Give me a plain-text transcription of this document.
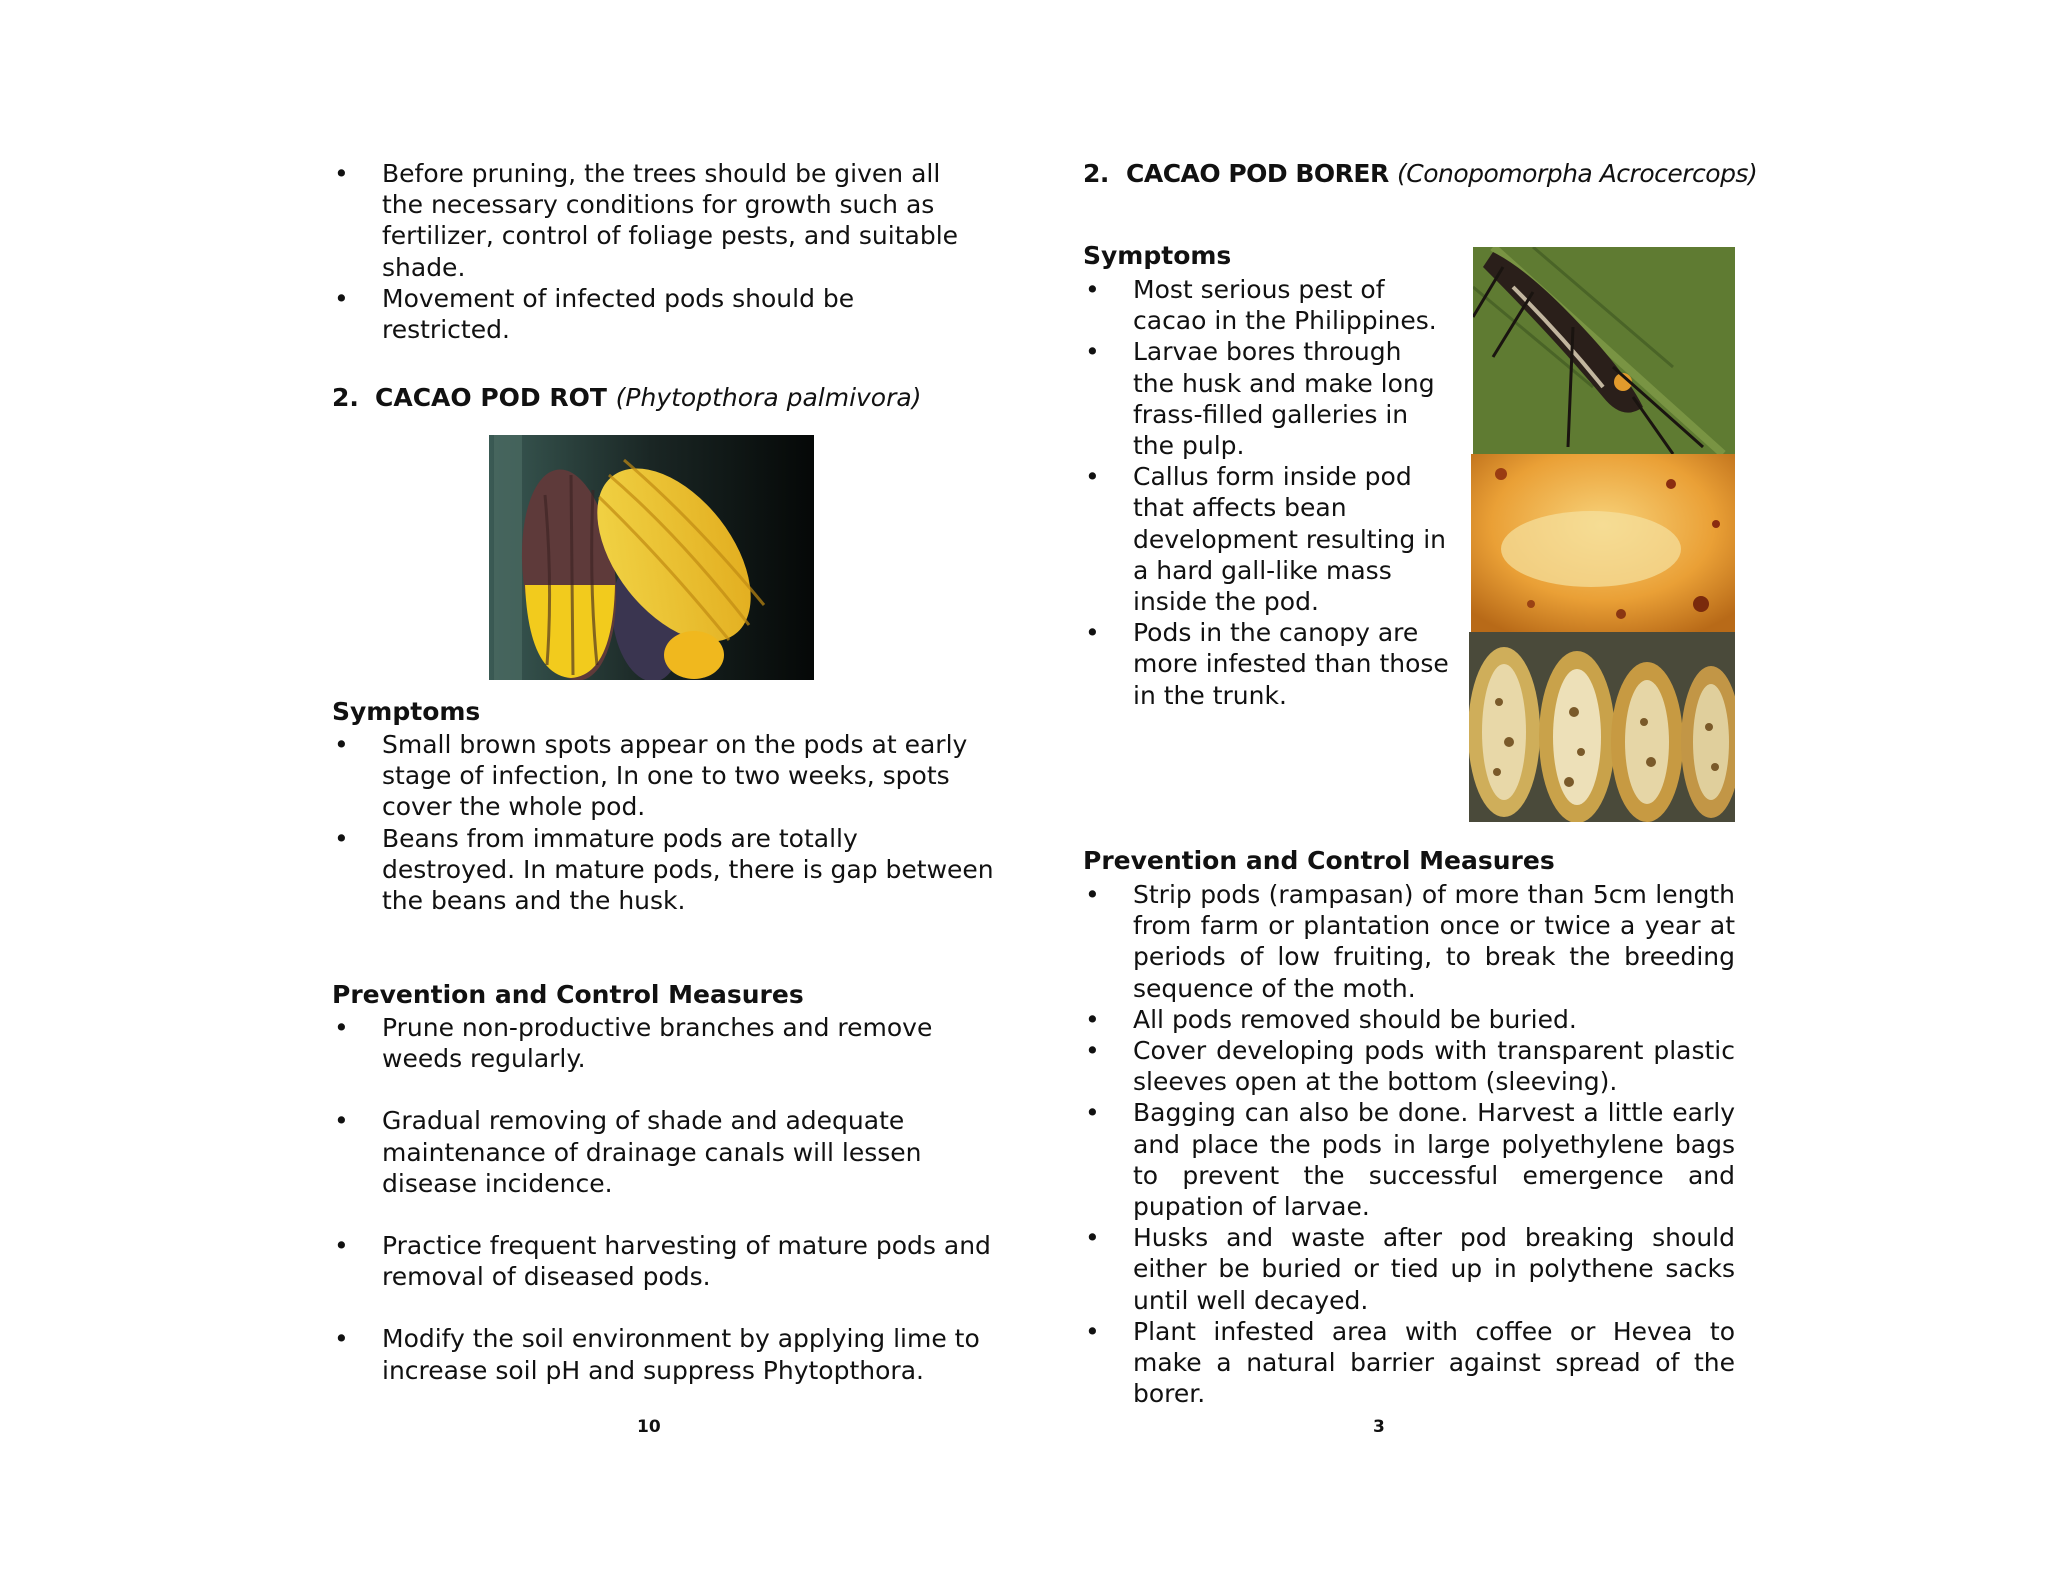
• Before pruning, the trees should be given all the necessary conditions for growth such as fertilizer, control of foliage pests, and suitable shade.
• Movement of infected pods should be restricted.
2. CACAO POD ROT (Phytopthora palmivora)
Symptoms
• Small brown spots appear on the pods at early stage of infection, In one to two weeks, spots cover the whole pod.
• Beans from immature pods are totally destroyed. In mature pods, there is gap between the beans and the husk.
Prevention and Control Measures
• Prune non-productive branches and remove weeds regularly.
• Gradual removing of shade and adequate maintenance of drainage canals will lessen disease incidence.
• Practice frequent harvesting of mature pods and removal of diseased pods.
• Modify the soil environment by applying lime to increase soil pH and suppress Phytopthora.
10
2. CACAO POD BORER (Conopomorpha Acrocercops)
Symptoms
• Most serious pest of cacao in the Philippines.
• Larvae bores through the husk and make long frass-filled galleries in the pulp.
• Callus form inside pod that affects bean development resulting in a hard gall-like mass inside the pod.
• Pods in the canopy are more infested than those in the trunk.
Prevention and Control Measures
• Strip pods (rampasan) of more than 5cm length from farm or plantation once or twice a year at periods of low fruiting, to break the breeding sequence of the moth.
• All pods removed should be buried.
• Cover developing pods with transparent plastic sleeves open at the bottom (sleeving).
• Bagging can also be done. Harvest a little early and place the pods in large polyethylene bags to prevent the successful emergence and pupation of larvae.
• Husks and waste after pod breaking should either be buried or tied up in polythene sacks until well decayed.
• Plant infested area with coffee or Hevea to make a natural barrier against spread of the borer.
3
